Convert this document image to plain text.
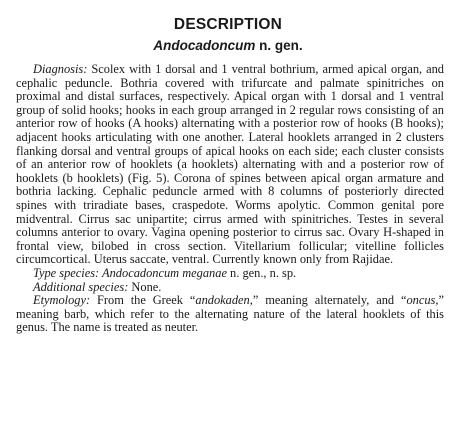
DESCRIPTION
Andocadoncum n. gen.

Diagnosis: Scolex with 1 dorsal and 1 ventral bothrium, armed apical organ, and cephalic peduncle. Bothria covered with trifurcate and palmate spinitriches on proximal and distal surfaces, respectively. Apical organ with 1 dorsal and 1 ventral group of solid hooks; hooks in each group arranged in 2 regular rows consisting of an anterior row of hooks (A hooks) alternating with a posterior row of hooks (B hooks); adjacent hooks articulating with one another. Lateral hooklets arranged in 2 clusters flanking dorsal and ventral groups of apical hooks on each side; each cluster consists of an anterior row of hooklets (a hooklets) alternating with and a posterior row of hooklets (b hooklets) (Fig. 5). Corona of spines between apical organ armature and bothria lacking. Cephalic peduncle armed with 8 columns of posteriorly directed spines with triradiate bases, craspedote. Worms apolytic. Common genital pore midventral. Cirrus sac unipartite; cirrus armed with spinitriches. Testes in several columns anterior to ovary. Vagina opening posterior to cirrus sac. Ovary H-shaped in frontal view, bilobed in cross section. Vitellarium follicular; vitelline follicles circumcortical. Uterus saccate, ventral. Currently known only from Rajidae.

Type species: Andocadoncum meganae n. gen., n. sp.

Additional species: None.

Etymology: From the Greek “andokaden,” meaning alternately, and “oncus,” meaning barb, which refer to the alternating nature of the lateral hooklets of this genus. The name is treated as neuter.
